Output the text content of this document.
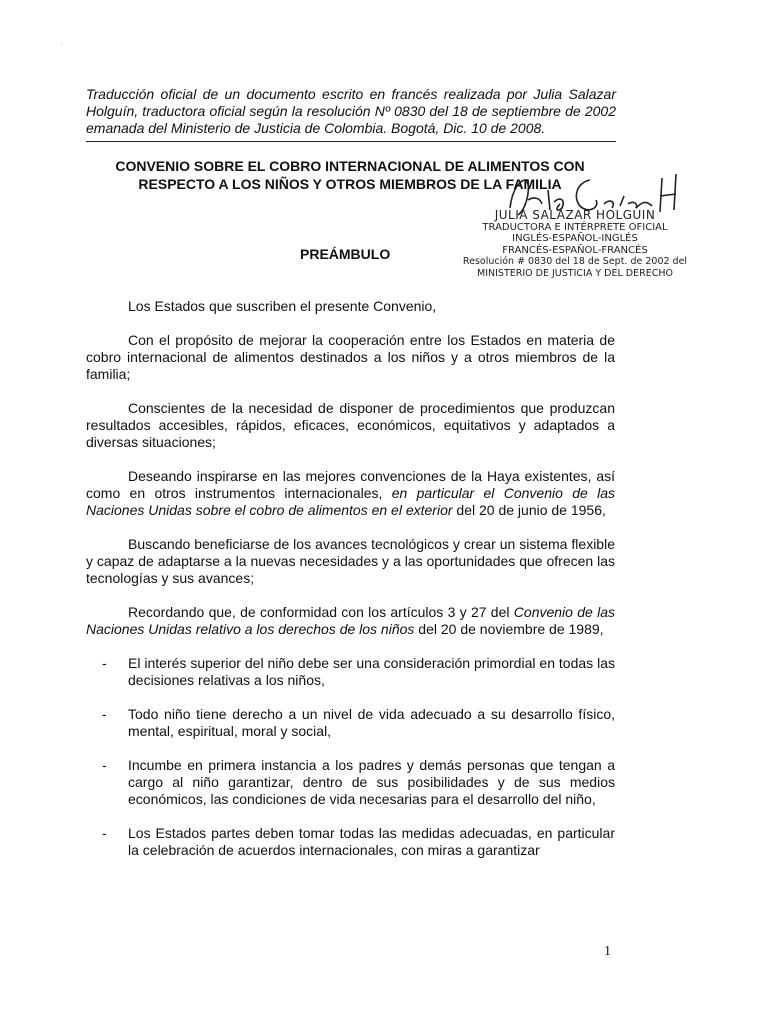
·
Traducción oficial de un documento escrito en francés realizada por Julia Salazar Holguín, traductora oficial según la resolución Nº 0830 del 18 de septiembre de 2002 emanada del Ministerio de Justicia de Colombia. Bogotá, Dic. 10 de 2008.
CONVENIO SOBRE EL COBRO INTERNACIONAL DE ALIMENTOS CON
RESPECTO A LOS NIÑOS Y OTROS MIEMBROS DE LA FAMILIA
JULIA SALAZAR HOLGUIN
TRADUCTORA E INTÉRPRETE OFICIAL
INGLÉS-ESPAÑOL-INGLÉS
FRANCÉS-ESPAÑOL-FRANCÉS
Resolución # 0830 del 18 de Sept. de 2002 del
MINISTERIO DE JUSTICIA Y DEL DERECHO
PREÁMBULO

Los Estados que suscriben el presente Convenio,

Con el propósito de mejorar la cooperación entre los Estados en materia de cobro internacional de alimentos destinados a los niños y a otros miembros de la familia;

Conscientes de la necesidad de disponer de procedimientos que produzcan resultados accesibles, rápidos, eficaces, económicos, equitativos y adaptados a diversas situaciones;

Deseando inspirarse en las mejores convenciones de la Haya existentes, así como en otros instrumentos internacionales, en particular el Convenio de las Naciones Unidas sobre el cobro de alimentos en el exterior del 20 de junio de 1956,

Buscando beneficiarse de los avances tecnológicos y crear un sistema flexible y capaz de adaptarse a la nuevas necesidades y a las oportunidades que ofrecen las tecnologías y sus avances;

Recordando que, de conformidad con los artículos 3 y 27 del Convenio de las Naciones Unidas relativo a los derechos de los niños del 20 de noviembre de 1989,

- El interés superior del niño debe ser una consideración primordial en todas las decisiones relativas a los niños,
- Todo niño tiene derecho a un nivel de vida adecuado a su desarrollo físico, mental, espiritual, moral y social,
- Incumbe en primera instancia a los padres y demás personas que tengan a cargo al niño garantizar, dentro de sus posibilidades y de sus medios económicos, las condiciones de vida necesarias para el desarrollo del niño,
- Los Estados partes deben tomar todas las medidas adecuadas, en particular la celebración de acuerdos internacionales, con miras a garantizar
1
